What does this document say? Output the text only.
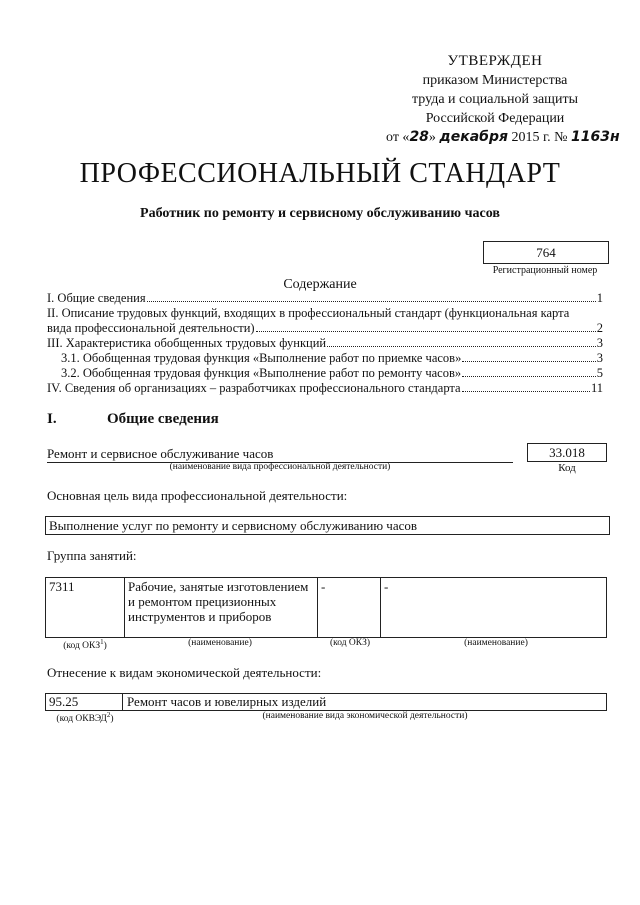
УТВЕРЖДЕН
приказом Министерства
труда и социальной защиты
Российской Федерации
от «28» декабря 2015 г. № 1163н
ПРОФЕССИОНАЛЬНЫЙ СТАНДАРТ
Работник по ремонту и сервисному обслуживанию часов
764
Регистрационный номер
Содержание
I. Общие сведения	1
II. Описание трудовых функций, входящих в профессиональный стандарт (функциональная карта
вида профессиональной деятельности)	2
III. Характеристика обобщенных трудовых функций	3
3.1. Обобщенная трудовая функция «Выполнение работ по приемке часов»	3
3.2. Обобщенная трудовая функция «Выполнение работ по ремонту часов»	5
IV. Сведения об организациях – разработчиках профессионального стандарта	11
I.	Общие сведения
Ремонт и сервисное обслуживание часов
(наименование вида профессиональной деятельности)
33.018
Код
Основная цель вида профессиональной деятельности:
Выполнение услуг по ремонту и сервисному обслуживанию часов
Группа занятий:
7311	Рабочие, занятые изготовлением и ремонтом прецизионных инструментов и приборов	-	-
(код ОКЗ$^1$)	(наименование)	(код ОКЗ)	(наименование)
Отнесение к видам экономической деятельности:
95.25	Ремонт часов и ювелирных изделий
(код ОКВЭД$^2$)	(наименование вида экономической деятельности)
